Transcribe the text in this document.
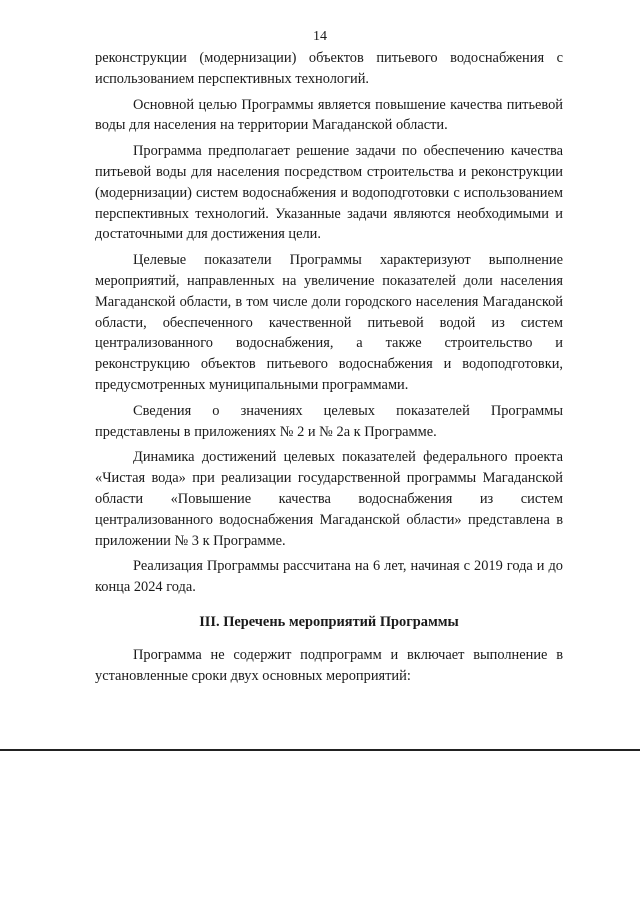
14

реконструкции (модернизации) объектов питьевого водоснабжения с использованием перспективных технологий.

Основной целью Программы является повышение качества питьевой воды для населения на территории Магаданской области.

Программа предполагает решение задачи по обеспечению качества питьевой воды для населения посредством строительства и реконструкции (модернизации) систем водоснабжения и водоподготовки с использованием перспективных технологий. Указанные задачи являются необходимыми и достаточными для достижения цели.

Целевые показатели Программы характеризуют выполнение мероприятий, направленных на увеличение показателей доли населения Магаданской области, в том числе доли городского населения Магаданской области, обеспеченного качественной питьевой водой из систем централизованного водоснабжения, а также строительство и реконструкцию объектов питьевого водоснабжения и водоподготовки, предусмотренных муниципальными программами.

Сведения о значениях целевых показателей Программы представлены в приложениях № 2 и № 2а к Программе.

Динамика достижений целевых показателей федерального проекта «Чистая вода» при реализации государственной программы Магаданской области «Повышение качества водоснабжения из систем централизованного водоснабжения Магаданской области» представлена в приложении № 3 к Программе.

Реализация Программы рассчитана на 6 лет, начиная с 2019 года и до конца 2024 года.

III. Перечень мероприятий Программы

Программа не содержит подпрограмм и включает выполнение в установленные сроки двух основных мероприятий:
